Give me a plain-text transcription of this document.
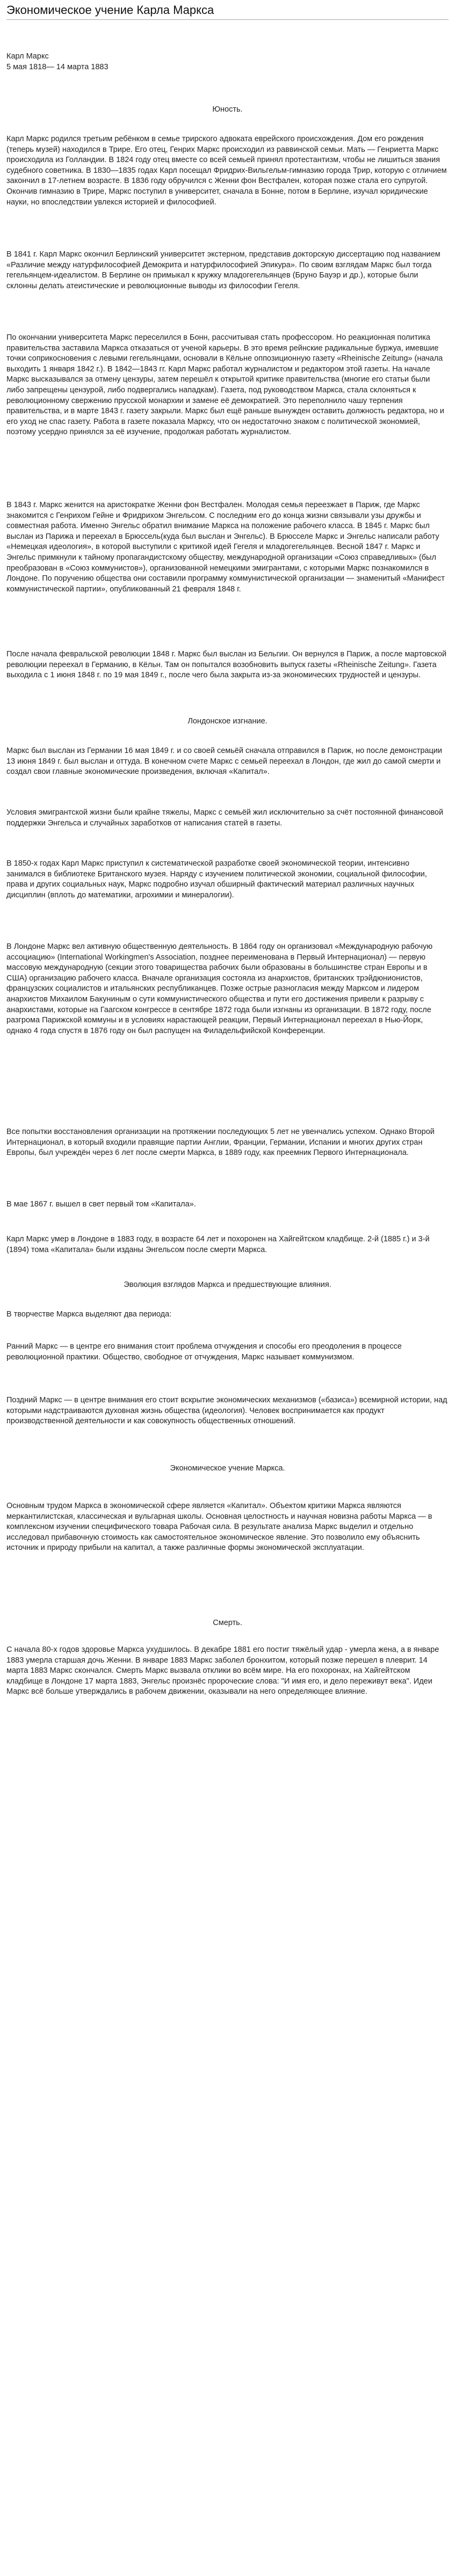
Экономическое учение Карла Маркса

Карл Маркс

5 мая 1818— 14 марта 1883

Юность.

Карл Маркс родился третьим ребёнком в семье трирского адвоката еврейского происхождения. Дом его рождения (теперь музей) находился в Трире. Его отец, Генрих Маркс происходил из раввинской семьи. Мать — Генриетта Маркс происходила из Голландии. В 1824 году отец вместе со всей семьей принял протестантизм, чтобы не лишиться звания судебного советника. В 1830—1835 годах Карл посещал Фридрих-Вильгельм-гимназию города Трир, которую с отличием закончил в 17-летнем возрасте. В 1836 году обручился с Женни фон Вестфален, которая позже стала его супругой. Окончив гимназию в Трире, Маркс поступил в университет, сначала в Бонне, потом в Берлине, изучал юридические науки, но впоследствии увлекся историей и философией.

В 1841 г. Карл Маркс окончил Берлинский университет экстерном, представив докторскую диссертацию под названием «Различие между натурфилософией Демокрита и натурфилософией Эпикура». По своим взглядам Маркс был тогда гегельянцем-идеалистом. В Берлине он примыкал к кружку младогегельянцев (Бруно Бауэр и др.), которые были склонны делать атеистические и революционные выводы из философии Гегеля.

По окончании университета Маркс переселился в Бонн, рассчитывая стать профессором. Но реакционная политика правительства заставила Маркса отказаться от ученой карьеры. В это время рейнские радикальные буржуа, имевшие точки соприкосновения с левыми гегельянцами, основали в Кёльне оппозиционную газету «Rheinische Zeitung» (начала выходить 1 января 1842 г.). В 1842—1843 гг. Карл Маркс работал журналистом и редактором этой газеты. На начале Маркс высказывался за отмену цензуры, затем перешёл к открытой критике правительства (многие его статьи были либо запрещены цензурой, либо подвергались нападкам). Газета, под руководством Маркса, стала склоняться к революционному свержению прусской монархии и замене её демократией. Это переполнило чашу терпения правительства, и в марте 1843 г. газету закрыли. Маркс был ещё раньше вынужден оставить должность редактора, но и его уход не спас газету. Работа в газете показала Марксу, что он недостаточно знаком с политической экономией, поэтому усердно принялся за её изучение, продолжая работать журналистом.

В 1843 г. Маркс женится на аристократке Женни фон Вестфален. Молодая семья переезжает в Париж, где Маркс знакомится с Генрихом Гейне и Фридрихом Энгельсом. С последним его до конца жизни связывали узы дружбы и совместная работа. Именно Энгельс обратил внимание Маркса на положение рабочего класса. В 1845 г. Маркс был выслан из Парижа и переехал в Брюссель(куда был выслан и Энгельс). В Брюсселе Маркс и Энгельс написали работу «Немецкая идеология», в которой выступили с критикой идей Гегеля и младогегельянцев. Весной 1847 г. Маркс и Энгельс примкнули к тайному пропагандистскому обществу, международной организации «Союз справедливых» (был преобразован в «Союз коммунистов»), организованной немецкими эмигрантами, с которыми Маркс познакомился в Лондоне. По поручению общества они составили программу коммунистической организации — знаменитый «Манифест коммунистической партии», опубликованный 21 февраля 1848 г.

После начала февральской революции 1848 г. Маркс был выслан из Бельгии. Он вернулся в Париж, а после мартовской революции переехал в Германию, в Кёльн. Там он попытался возобновить выпуск газеты «Rheinische Zeitung». Газета выходила с 1 июня 1848 г. по 19 мая 1849 г., после чего была закрыта из-за экономических трудностей и цензуры.

Лондонское изгнание.

Маркс был выслан из Германии 16 мая 1849 г. и со своей семьёй сначала отправился в Париж, но после демонстрации 13 июня 1849 г. был выслан и оттуда. В конечном счете Маркс с семьей переехал в Лондон, где жил до самой смерти и создал свои главные экономические произведения, включая «Капитал».

Условия эмигрантской жизни были крайне тяжелы, Маркс с семьёй жил исключительно за счёт постоянной финансовой поддержки Энгельса и случайных заработков от написания статей в газеты.

В 1850-х годах Карл Маркс приступил к систематической разработке своей экономической теории, интенсивно занимался в библиотеке Британского музея. Наряду с изучением политической экономии, социальной философии, права и других социальных наук, Маркс подробно изучал обширный фактический материал различных научных дисциплин (вплоть до математики, агрохимии и минералогии).

В Лондоне Маркс вел активную общественную деятельность. В 1864 году он организовал «Международную рабочую ассоциацию» (International Workingmen's Association, позднее переименована в Первый Интернационал) — первую массовую международную (секции этого товарищества рабочих были образованы в большинстве стран Европы и в США) организацию рабочего класса. Вначале организация состояла из анархистов, британских трэйдюнионистов, французских социалистов и итальянских республиканцев. Позже острые разногласия между Марксом и лидером анархистов Михаилом Бакуниным о сути коммунистического общества и пути его достижения привели к разрыву с анархистами, которые на Гаагском конгрессе в сентябре 1872 года были изгнаны из организации. В 1872 году, после разгрома Парижской коммуны и в условиях нарастающей реакции, Первый Интернационал переехал в Нью-Йорк, однако 4 года спустя в 1876 году он был распущен на Филадельфийской Конференции.

Все попытки восстановления организации на протяжении последующих 5 лет не увенчались успехом. Однако Второй Интернационал, в который входили правящие партии Англии, Франции, Германии, Испании и многих других стран Европы, был учреждён через 6 лет после смерти Маркса, в 1889 году, как преемник Первого Интернационала.

В мае 1867 г. вышел в свет первый том «Капитала».

Карл Маркс умер в Лондоне в 1883 году, в возрасте 64 лет и похоронен на Хайгейтском кладбище. 2-й (1885 г.) и 3-й (1894) тома «Капитала» были изданы Энгельсом после смерти Маркса.

Эволюция взглядов Маркса и предшествующие влияния.

В творчестве Маркса выделяют два периода:

Ранний Маркс — в центре его внимания стоит проблема отчуждения и способы его преодоления в процессе революционной практики. Общество, свободное от отчуждения, Маркс называет коммунизмом.

Поздний Маркс — в центре внимания его стоит вскрытие экономических механизмов («базиса») всемирной истории, над которыми надстраиваются духовная жизнь общества (идеология). Человек воспринимается как продукт производственной деятельности и как совокупность общественных отношений.

Экономическое учение Маркса.

Основным трудом Маркса в экономической сфере является «Капитал». Объектом критики Маркса являются меркантилистская, классическая и вульгарная школы. Основная целостность и научная новизна работы Маркса — в комплексном изучении специфического товара Рабочая сила. В результате анализа Маркс выделил и отдельно исследовал прибавочную стоимость как самостоятельное экономическое явление. Это позволило ему объяснить источник и природу прибыли на капитал, а также различные формы экономической эксплуатации.

Смерть.

С начала 80-х годов здоровье Маркса ухудшилось. В декабре 1881 его постиг тяжёлый удар - умерла жена, а в январе 1883 умерла старшая дочь Женни. В январе 1883 Маркс заболел бронхитом, который позже перешел в плеврит. 14 марта 1883 Маркс скончался. Смерть Маркс вызвала отклики во всём мире. На его похоронах, на Хайгейтском кладбище в Лондоне 17 марта 1883, Энгельс произнёс пророческие слова: "И имя его, и дело переживут века". Идеи Маркс всё больше утверждались в рабочем движении, оказывали на него определяющее влияние.
